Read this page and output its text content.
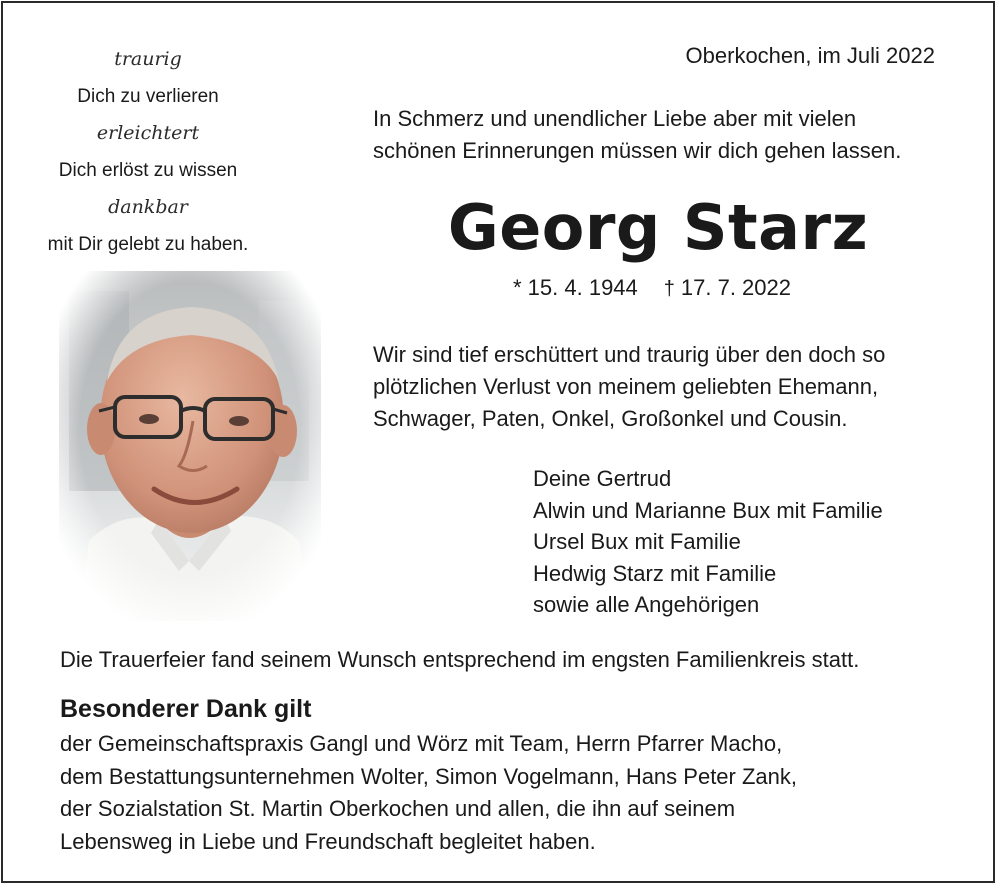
traurig
Dich zu verlieren
erleichtert
Dich erlöst zu wissen
dankbar
mit Dir gelebt zu haben.
Oberkochen, im Juli 2022
In Schmerz und unendlicher Liebe aber mit vielen
schönen Erinnerungen müssen wir dich gehen lassen.
Georg Starz
* 15. 4. 1944 † 17. 7. 2022
Wir sind tief erschüttert und traurig über den doch so
plötzlichen Verlust von meinem geliebten Ehemann,
Schwager, Paten, Onkel, Großonkel und Cousin.
Deine Gertrud
Alwin und Marianne Bux mit Familie
Ursel Bux mit Familie
Hedwig Starz mit Familie
sowie alle Angehörigen
Die Trauerfeier fand seinem Wunsch entsprechend im engsten Familienkreis statt.
Besonderer Dank gilt
der Gemeinschaftspraxis Gangl und Wörz mit Team, Herrn Pfarrer Macho,
dem Bestattungsunternehmen Wolter, Simon Vogelmann, Hans Peter Zank,
der Sozialstation St. Martin Oberkochen und allen, die ihn auf seinem
Lebensweg in Liebe und Freundschaft begleitet haben.
